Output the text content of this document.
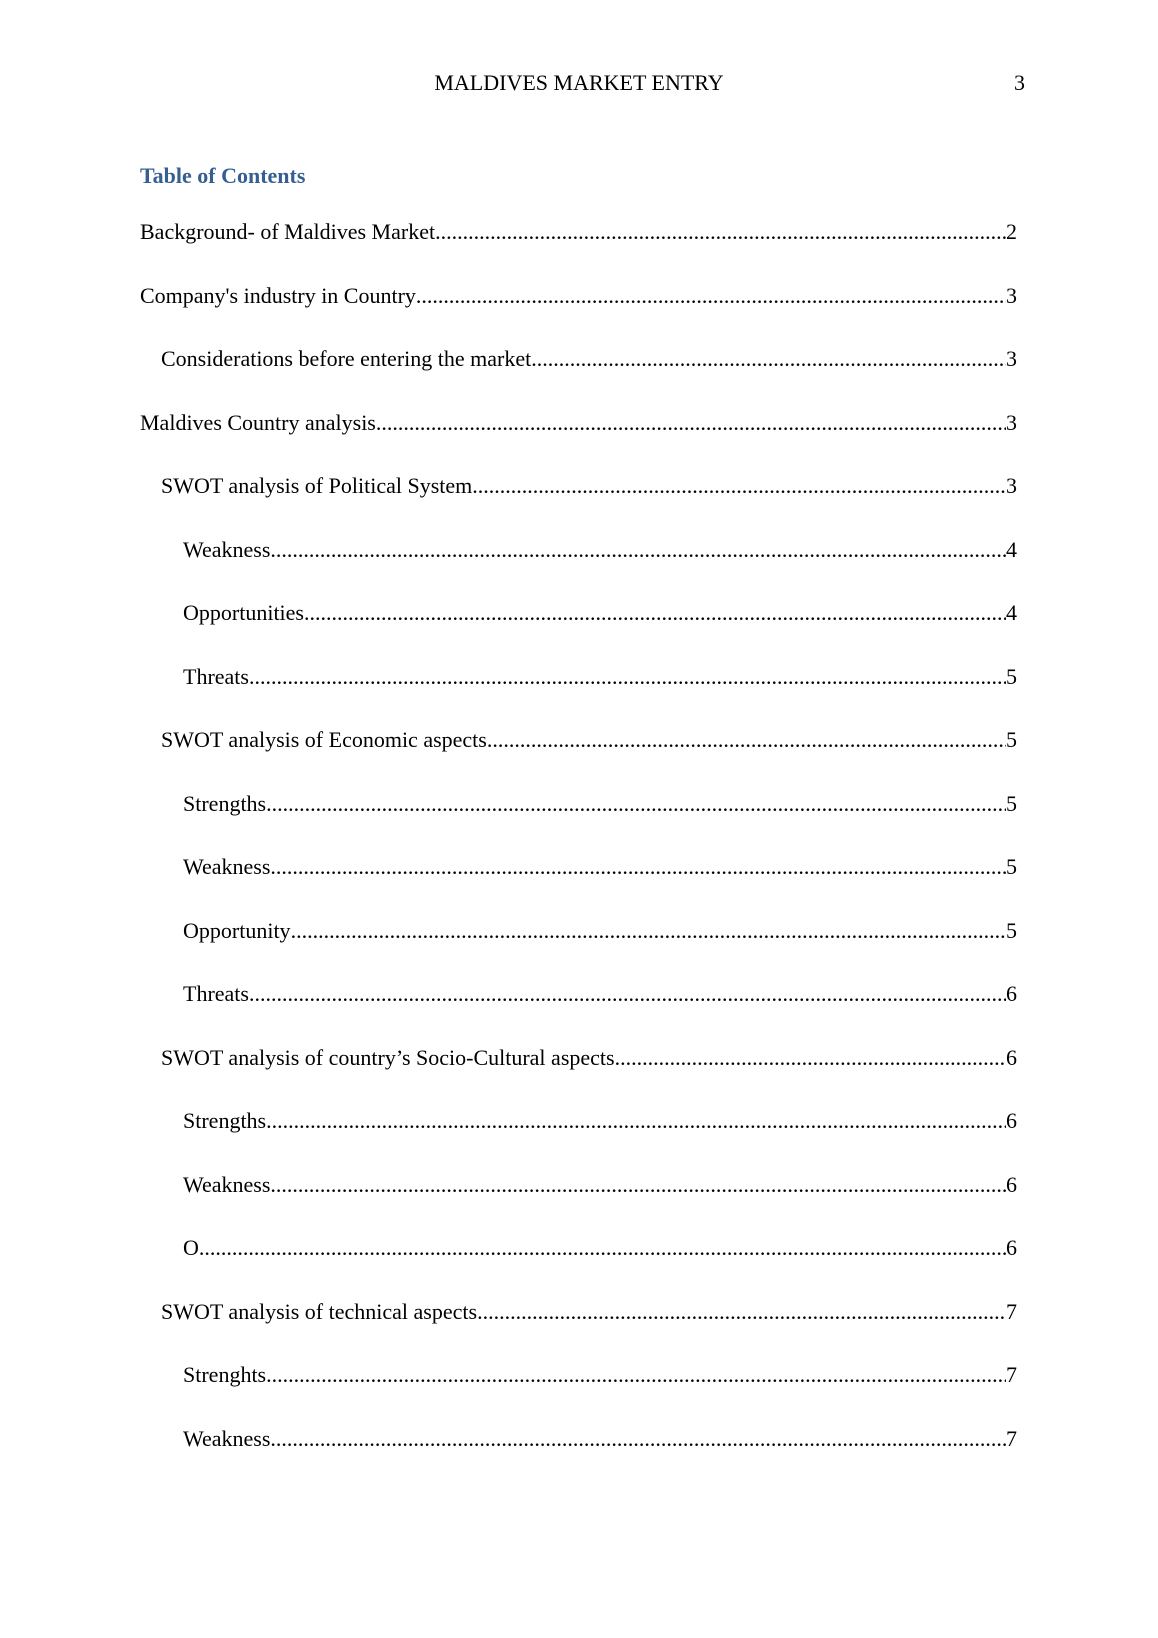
MALDIVES MARKET ENTRY	3
Table of Contents
Background- of Maldives Market .....	2
Company's industry in Country .....	3
Considerations before entering the market .....	3
Maldives Country analysis .....	3
SWOT analysis of Political System .....	3
Weakness .....	4
Opportunities .....	4
Threats .....	5
SWOT analysis of Economic aspects .....	5
Strengths .....	5
Weakness .....	5
Opportunity .....	5
Threats .....	6
SWOT analysis of country’s Socio-Cultural aspects .....	6
Strengths .....	6
Weakness .....	6
O .....	6
SWOT analysis of technical aspects .....	7
Strenghts .....	7
Weakness .....	7
